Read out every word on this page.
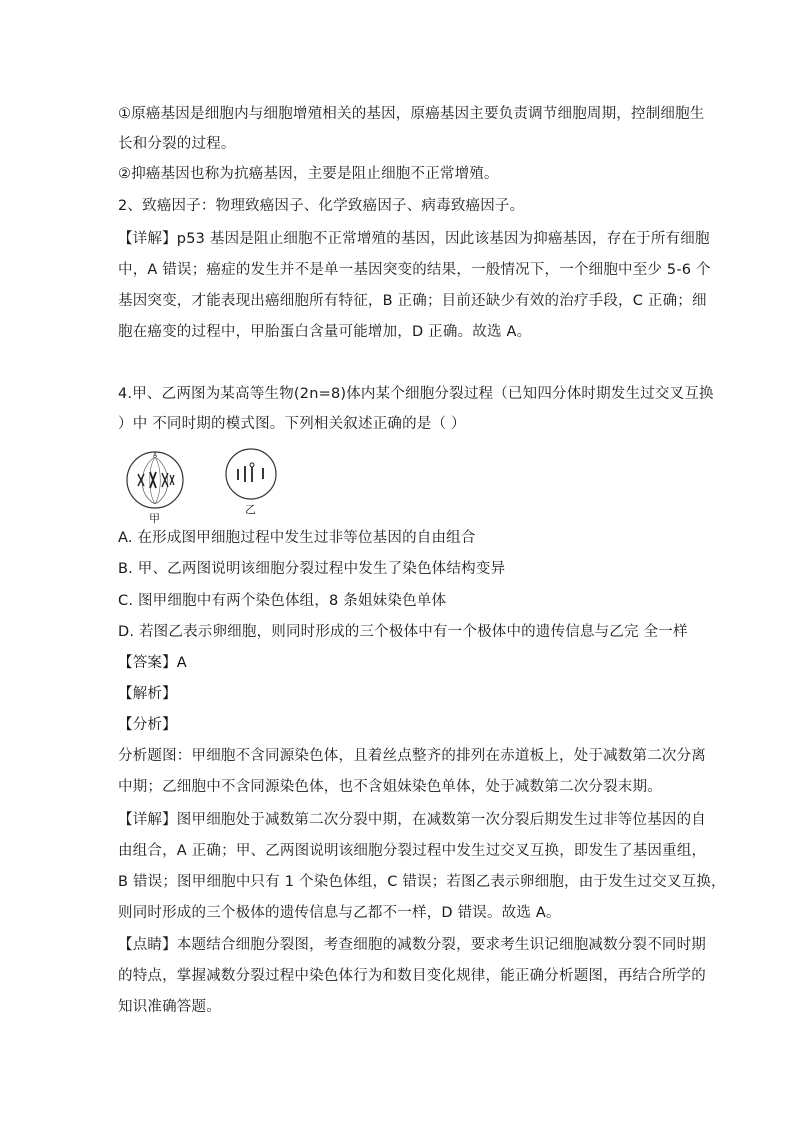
①原癌基因是细胞内与细胞增殖相关的基因，原癌基因主要负责调节细胞周期，控制细胞生
长和分裂的过程。
②抑癌基因也称为抗癌基因，主要是阻止细胞不正常增殖。
2、致癌因子：物理致癌因子、化学致癌因子、病毒致癌因子。
【详解】p53 基因是阻止细胞不正常增殖的基因，因此该基因为抑癌基因，存在于所有细胞
中，A 错误；癌症的发生并不是单一基因突变的结果，一般情况下，一个细胞中至少 5-6 个
基因突变，才能表现出癌细胞所有特征，B 正确；目前还缺少有效的治疗手段，C 正确；细
胞在癌变的过程中，甲胎蛋白含量可能增加，D 正确。故选 A。
4.甲、乙两图为某高等生物(2n=8)体内某个细胞分裂过程（已知四分体时期发生过交叉互换
）中 不同时期的模式图。下列相关叙述正确的是（ ）
A
甲
乙
A. 在形成图甲细胞过程中发生过非等位基因的自由组合
B. 甲、乙两图说明该细胞分裂过程中发生了染色体结构变异
C. 图甲细胞中有两个染色体组，8 条姐妹染色单体
D. 若图乙表示卵细胞，则同时形成的三个极体中有一个极体中的遗传信息与乙完 全一样
【答案】A
【解析】
【分析】
分析题图：甲细胞不含同源染色体，且着丝点整齐的排列在赤道板上，处于减数第二次分离
中期；乙细胞中不含同源染色体，也不含姐妹染色单体，处于减数第二次分裂末期。
【详解】图甲细胞处于减数第二次分裂中期，在减数第一次分裂后期发生过非等位基因的自
由组合，A 正确；甲、乙两图说明该细胞分裂过程中发生过交叉互换，即发生了基因重组，
B 错误；图甲细胞中只有 1 个染色体组，C 错误；若图乙表示卵细胞，由于发生过交叉互换，
则同时形成的三个极体的遗传信息与乙都不一样，D 错误。故选 A。
【点睛】本题结合细胞分裂图，考查细胞的减数分裂，要求考生识记细胞减数分裂不同时期
的特点，掌握减数分裂过程中染色体行为和数目变化规律，能正确分析题图，再结合所学的
知识准确答题。
